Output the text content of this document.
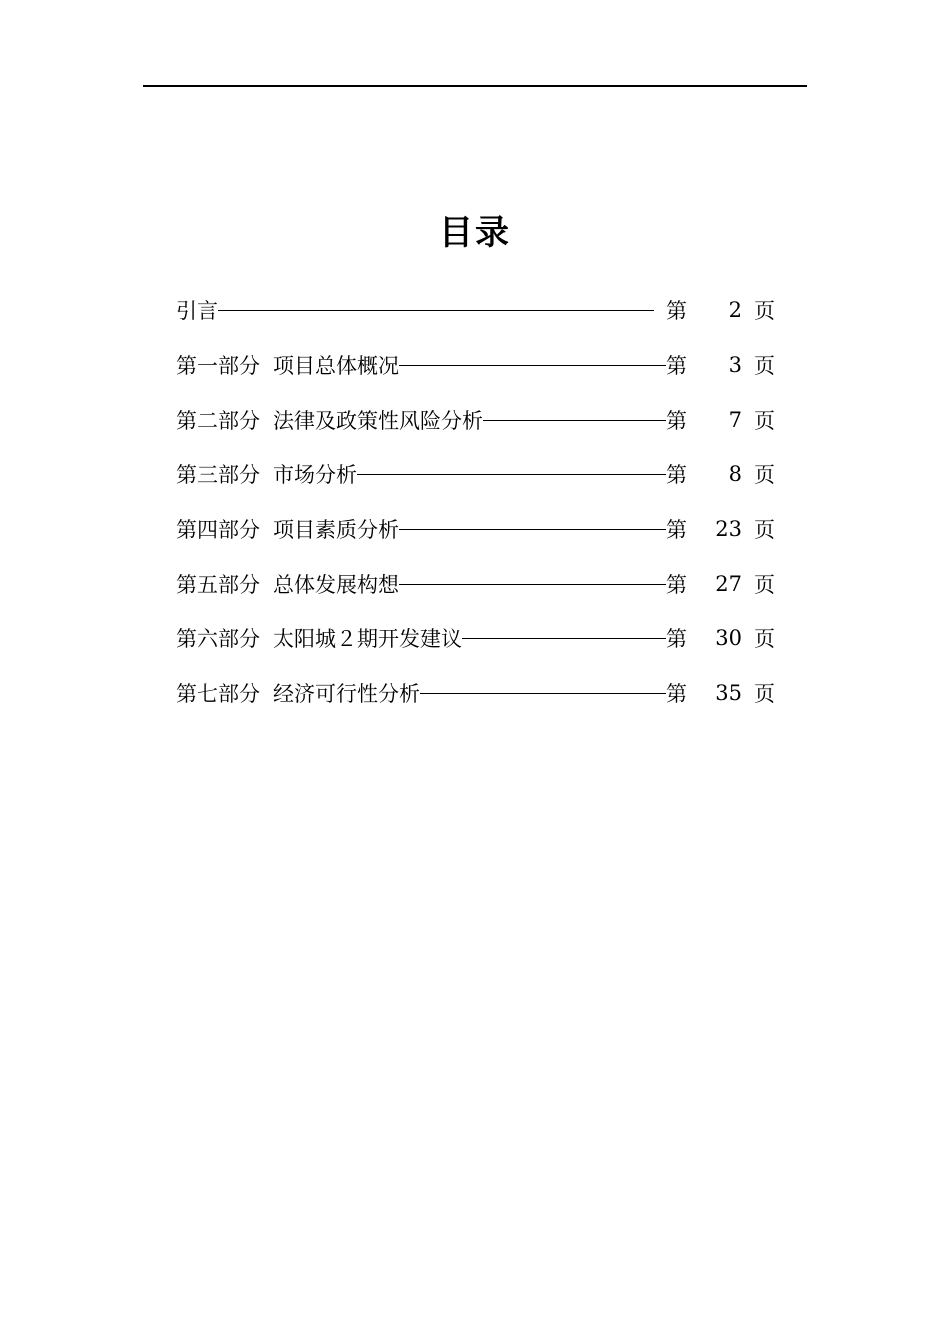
目录
引言	第	2 页
第一部分 项目总体概况	第	3 页
第二部分 法律及政策性风险分析	第	7 页
第三部分 市场分析	第	8 页
第四部分 项目素质分析	第	23 页
第五部分 总体发展构想	第	27 页
第六部分 太阳城２期开发建议	第	30 页
第七部分 经济可行性分析	第	35 页
